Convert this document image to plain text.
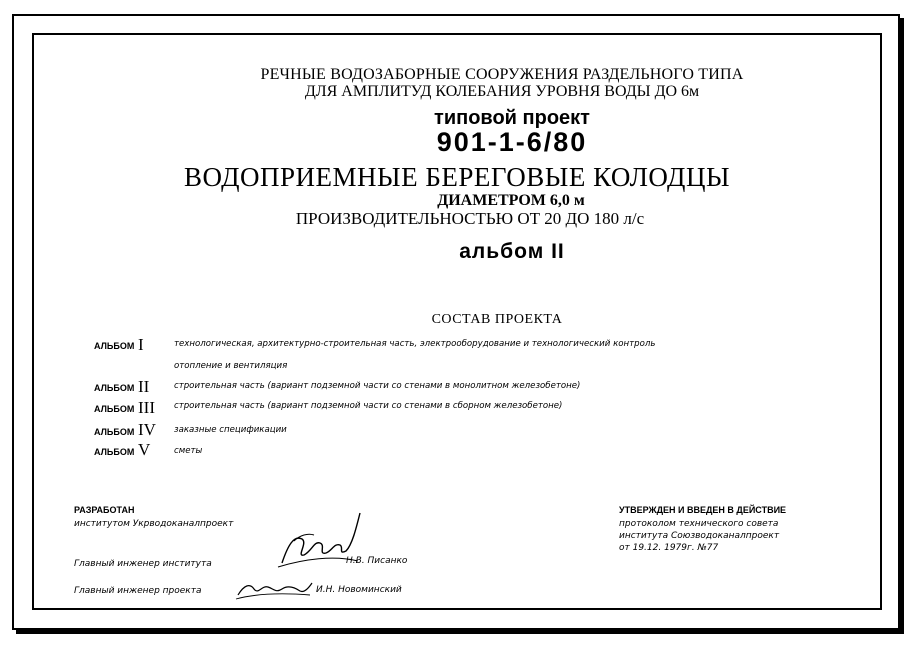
РЕЧНЫЕ ВОДОЗАБОРНЫЕ СООРУЖЕНИЯ РАЗДЕЛЬНОГО ТИПА
ДЛЯ АМПЛИТУД КОЛЕБАНИЯ УРОВНЯ ВОДЫ ДО 6м
типовой проект
901-1-6/80
ВОДОПРИЕМНЫЕ БЕРЕГОВЫЕ КОЛОДЦЫ
ДИАМЕТРОМ 6,0 м
ПРОИЗВОДИТЕЛЬНОСТЬЮ ОТ 20 ДО 180 л/с
альбом II
СОСТАВ ПРОЕКТА
АЛЬБОМ I	технологическая, архитектурно-строительная часть, электрооборудование и технологический контроль
отопление и вентиляция
АЛЬБОМ II	строительная часть (вариант подземной части со стенами в монолитном железобетоне)
АЛЬБОМ III строительная часть (вариант подземной части со стенами в сборном железобетоне)
АЛЬБОМ IV заказные спецификации
АЛЬБОМ V	сметы
РАЗРАБОТАН
институтом Укрводоканалпроект
Главный инженер института	Н.В. Писанко
Главный инженер проекта	И.Н. Новоминский
УТВЕРЖДЕН И ВВЕДЕН В ДЕЙСТВИЕ
протоколом технического совета
института Союзводоканалпроект
от 19.12. 1979г. №77
